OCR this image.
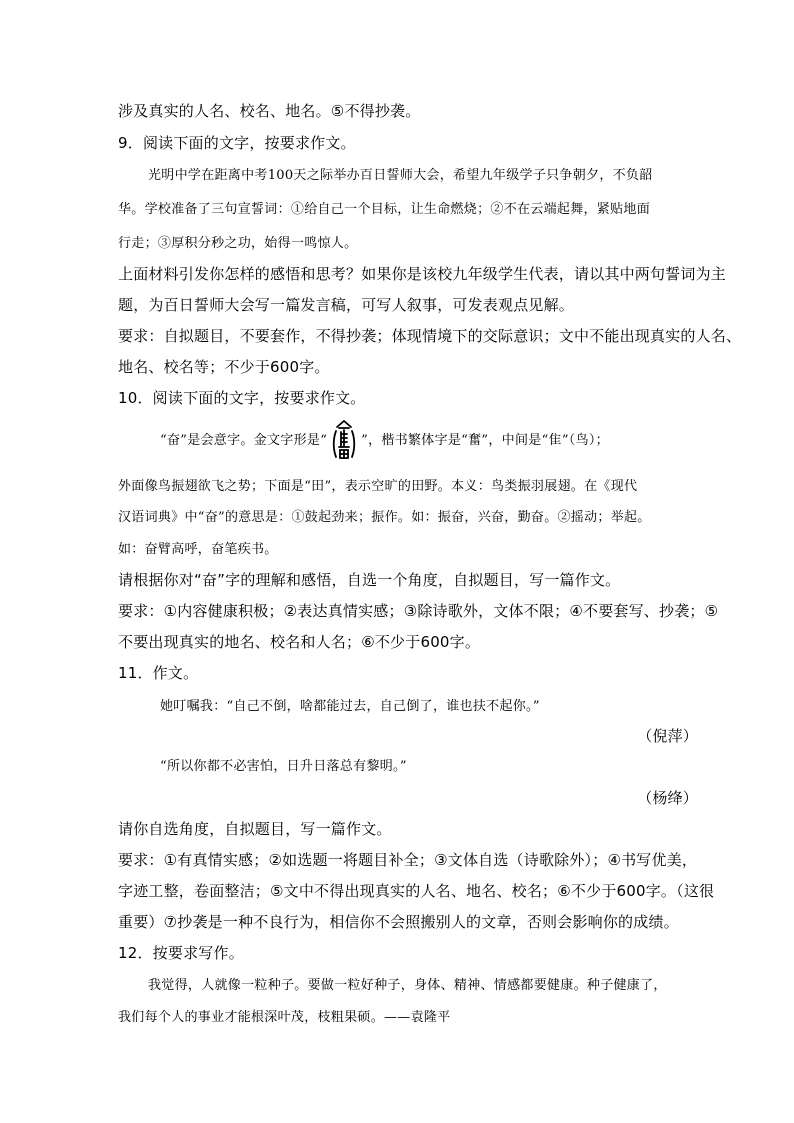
涉及真实的人名、校名、地名。⑤不得抄袭。
9．阅读下面的文字，按要求作文。
光明中学在距离中考100天之际举办百日誓师大会，希望九年级学子只争朝夕，不负韶
华。学校准备了三句宣誓词：①给自己一个目标，让生命燃烧；②不在云端起舞，紧贴地面
行走；③厚积分秒之功，始得一鸣惊人。
上面材料引发你怎样的感悟和思考？如果你是该校九年级学生代表，请以其中两句誓词为主
题，为百日誓师大会写一篇发言稿，可写人叙事，可发表观点见解。
要求：自拟题目，不要套作，不得抄袭；体现情境下的交际意识；文中不能出现真实的人名、
地名、校名等；不少于600字。
10．阅读下面的文字，按要求作文。
“奋”是会意字。金文字形是“	”，楷书繁体字是“奮”，中间是“隹”（鸟）；
外面像鸟振翅欲飞之势；下面是“田”，表示空旷的田野。本义：鸟类振羽展翅。在《现代
汉语词典》中“奋”的意思是：①鼓起劲来；振作。如：振奋，兴奋，勤奋。②摇动；举起。
如：奋臂高呼，奋笔疾书。
请根据你对“奋”字的理解和感悟，自选一个角度，自拟题目，写一篇作文。
要求：①内容健康积极；②表达真情实感；③除诗歌外，文体不限；④不要套写、抄袭；⑤
不要出现真实的地名、校名和人名；⑥不少于600字。
11．作文。
她叮嘱我：“自己不倒，啥都能过去，自己倒了，谁也扶不起你。”
（倪萍）
“所以你都不必害怕，日升日落总有黎明。”
（杨绛）
请你自选角度，自拟题目，写一篇作文。
要求：①有真情实感；②如选题一将题目补全；③文体自选（诗歌除外）；④书写优美，
字迹工整，卷面整洁；⑤文中不得出现真实的人名、地名、校名；⑥不少于600字。（这很
重要）⑦抄袭是一种不良行为，相信你不会照搬别人的文章，否则会影响你的成绩。
12．按要求写作。
我觉得，人就像一粒种子。要做一粒好种子，身体、精神、情感都要健康。种子健康了，
我们每个人的事业才能根深叶茂，枝粗果硕。——袁隆平
